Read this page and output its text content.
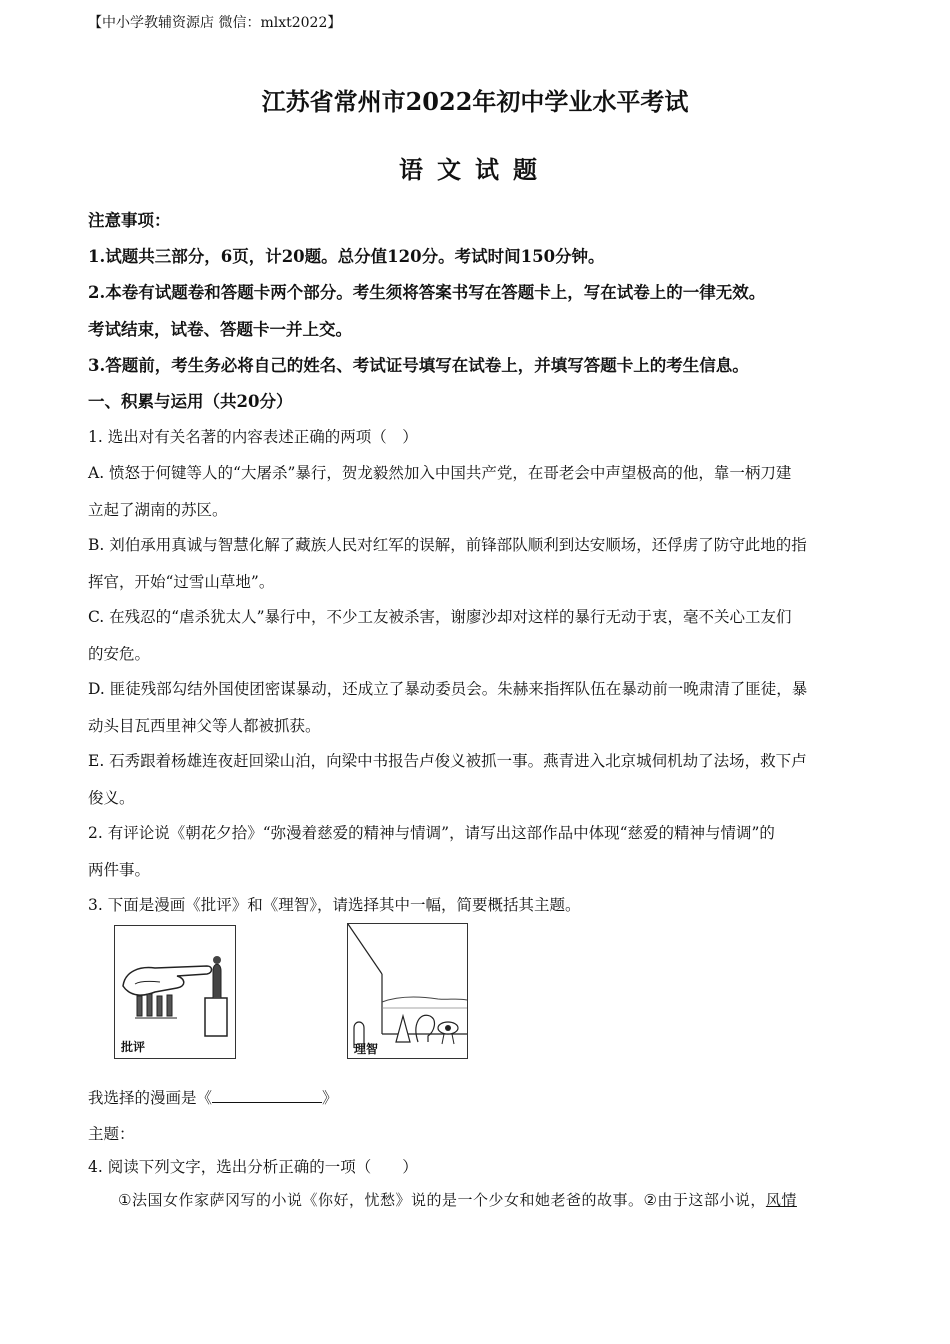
【中小学教辅资源店 微信：mlxt2022】
江苏省常州市2022年初中学业水平考试
语文试题
注意事项：
1.试题共三部分，6页，计20题。总分值120分。考试时间150分钟。
2.本卷有试题卷和答题卡两个部分。考生须将答案书写在答题卡上，写在试卷上的一律无效。
考试结束，试卷、答题卡一并上交。
3.答题前，考生务必将自己的姓名、考试证号填写在试卷上，并填写答题卡上的考生信息。
一、积累与运用（共20分）
1. 选出对有关名著的内容表述正确的两项（　）
A. 愤怒于何键等人的“大屠杀”暴行，贺龙毅然加入中国共产党，在哥老会中声望极高的他，靠一柄刀建
立起了湖南的苏区。
B. 刘伯承用真诚与智慧化解了藏族人民对红军的误解，前锋部队顺利到达安顺场，还俘虏了防守此地的指
挥官，开始“过雪山草地”。
C. 在残忍的“虐杀犹太人”暴行中，不少工友被杀害，谢廖沙却对这样的暴行无动于衷，毫不关心工友们
的安危。
D. 匪徒残部勾结外国使团密谋暴动，还成立了暴动委员会。朱赫来指挥队伍在暴动前一晚肃清了匪徒，暴
动头目瓦西里神父等人都被抓获。
E. 石秀跟着杨雄连夜赶回梁山泊，向梁中书报告卢俊义被抓一事。燕青进入北京城伺机劫了法场，救下卢
俊义。
2. 有评论说《朝花夕拾》“弥漫着慈爱的精神与情调”，请写出这部作品中体现“慈爱的精神与情调”的
两件事。
3. 下面是漫画《批评》和《理智》，请选择其中一幅，简要概括其主题。
批评	理智
我选择的漫画是《	》
主题：
4. 阅读下列文字，选出分析正确的一项（　　）
①法国女作家萨冈写的小说《你好，忧愁》说的是一个少女和她老爸的故事。②由于这部小说，风情
